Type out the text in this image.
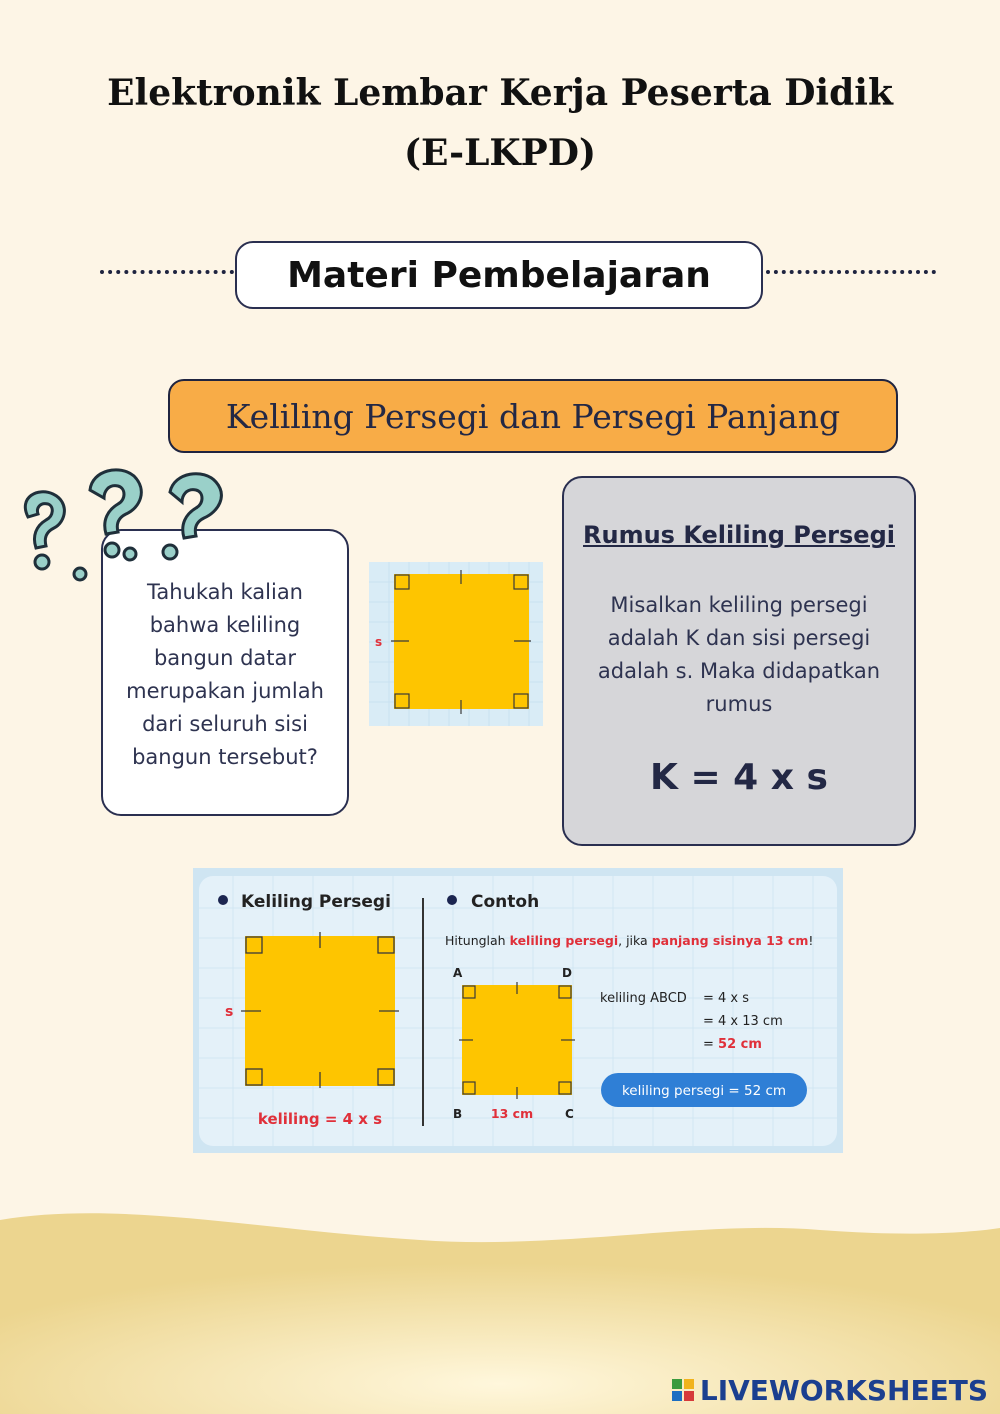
Elektronik Lembar Kerja Peserta Didik
(E-LKPD)
Materi Pembelajaran
Keliling Persegi dan Persegi Panjang
Tahukah kalian bahwa keliling bangun datar merupakan jumlah dari seluruh sisi bangun tersebut?
s
Rumus Keliling Persegi
Misalkan keliling persegi adalah K dan sisi persegi adalah s. Maka didapatkan rumus
K = 4 x s
Keliling Persegi
s
keliling = 4 x s
Contoh
Hitunglah keliling persegi, jika panjang sisinya 13 cm!
A	D
B 13 cm	C
keliling ABCD = 4 x s
= 4 x 13 cm
= 52 cm
keliling persegi = 52 cm
LIVEWORKSHEETS
